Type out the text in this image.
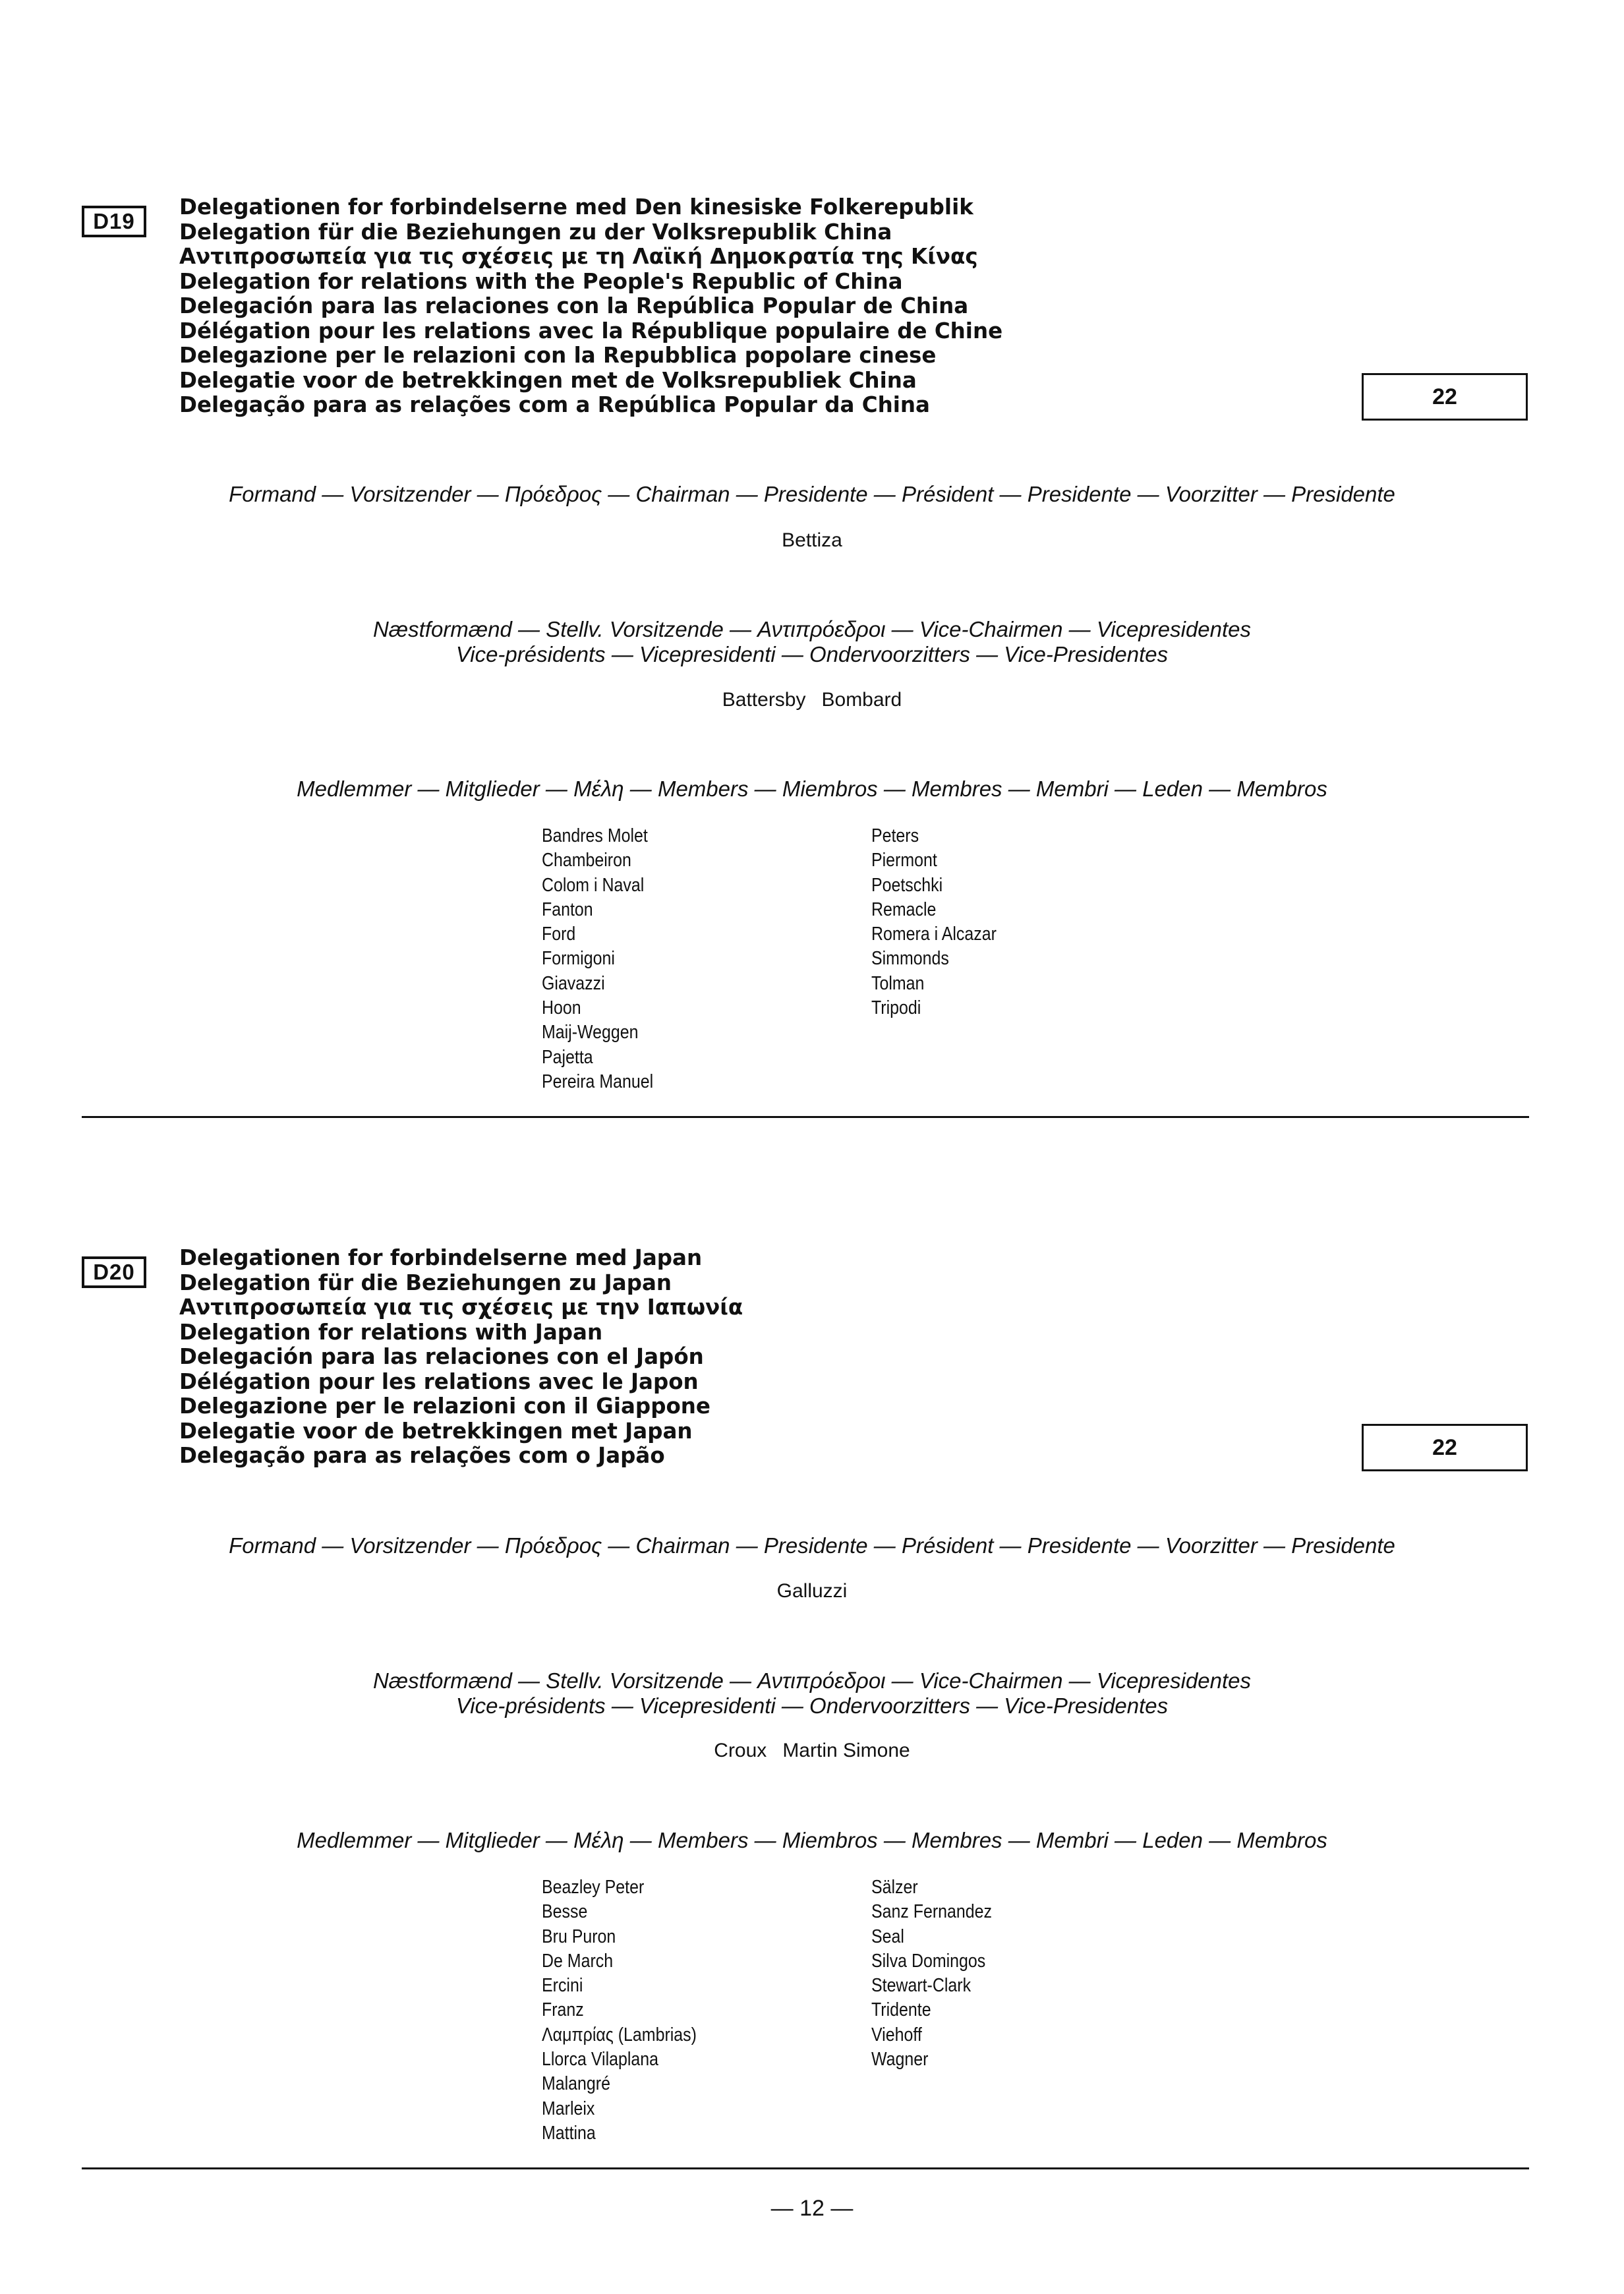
D19
Delegationen for forbindelserne med Den kinesiske Folkerepublik
Delegation für die Beziehungen zu der Volksrepublik China
Αντιπροσωπεία για τις σχέσεις με τη Λαϊκή Δημοκρατία της Κίνας
Delegation for relations with the People's Republic of China
Delegación para las relaciones con la República Popular de China
Délégation pour les relations avec la République populaire de Chine
Delegazione per le relazioni con la Repubblica popolare cinese
Delegatie voor de betrekkingen met de Volksrepubliek China
Delegação para as relações com a República Popular da China	22
Formand — Vorsitzender — Πρόεδρος — Chairman — Presidente — Président — Presidente — Voorzitter — Presidente
Bettiza
Næstformænd — Stellv. Vorsitzende — Αντιπρόεδροι — Vice-Chairmen — Vicepresidentes
Vice-présidents — Vicepresidenti — Ondervoorzitters — Vice-Presidentes
Battersby Bombard
Medlemmer — Mitglieder — Μέλη — Members — Miembros — Membres — Membri — Leden — Membros
Bandres Molet
Chambeiron
Colom i Naval
Fanton
Ford
Formigoni
Giavazzi
Hoon
Maij-Weggen
Pajetta
Pereira Manuel
Peters
Piermont
Poetschki
Remacle
Romera i Alcazar
Simmonds
Tolman
Tripodi
D20
Delegationen for forbindelserne med Japan
Delegation für die Beziehungen zu Japan
Αντιπροσωπεία για τις σχέσεις με την Ιαπωνία
Delegation for relations with Japan
Delegación para las relaciones con el Japón
Délégation pour les relations avec le Japon
Delegazione per le relazioni con il Giappone
Delegatie voor de betrekkingen met Japan
Delegação para as relações com o Japão	22
Formand — Vorsitzender — Πρόεδρος — Chairman — Presidente — Président — Presidente — Voorzitter — Presidente
Galluzzi
Næstformænd — Stellv. Vorsitzende — Αντιπρόεδροι — Vice-Chairmen — Vicepresidentes
Vice-présidents — Vicepresidenti — Ondervoorzitters — Vice-Presidentes
Croux Martin Simone
Medlemmer — Mitglieder — Μέλη — Members — Miembros — Membres — Membri — Leden — Membros
Beazley Peter
Besse
Bru Puron
De March
Ercini
Franz
Λαμπρίας (Lambrias)
Llorca Vilaplana
Malangré
Marleix
Mattina
Sälzer
Sanz Fernandez
Seal
Silva Domingos
Stewart-Clark
Tridente
Viehoff
Wagner
— 12 —
